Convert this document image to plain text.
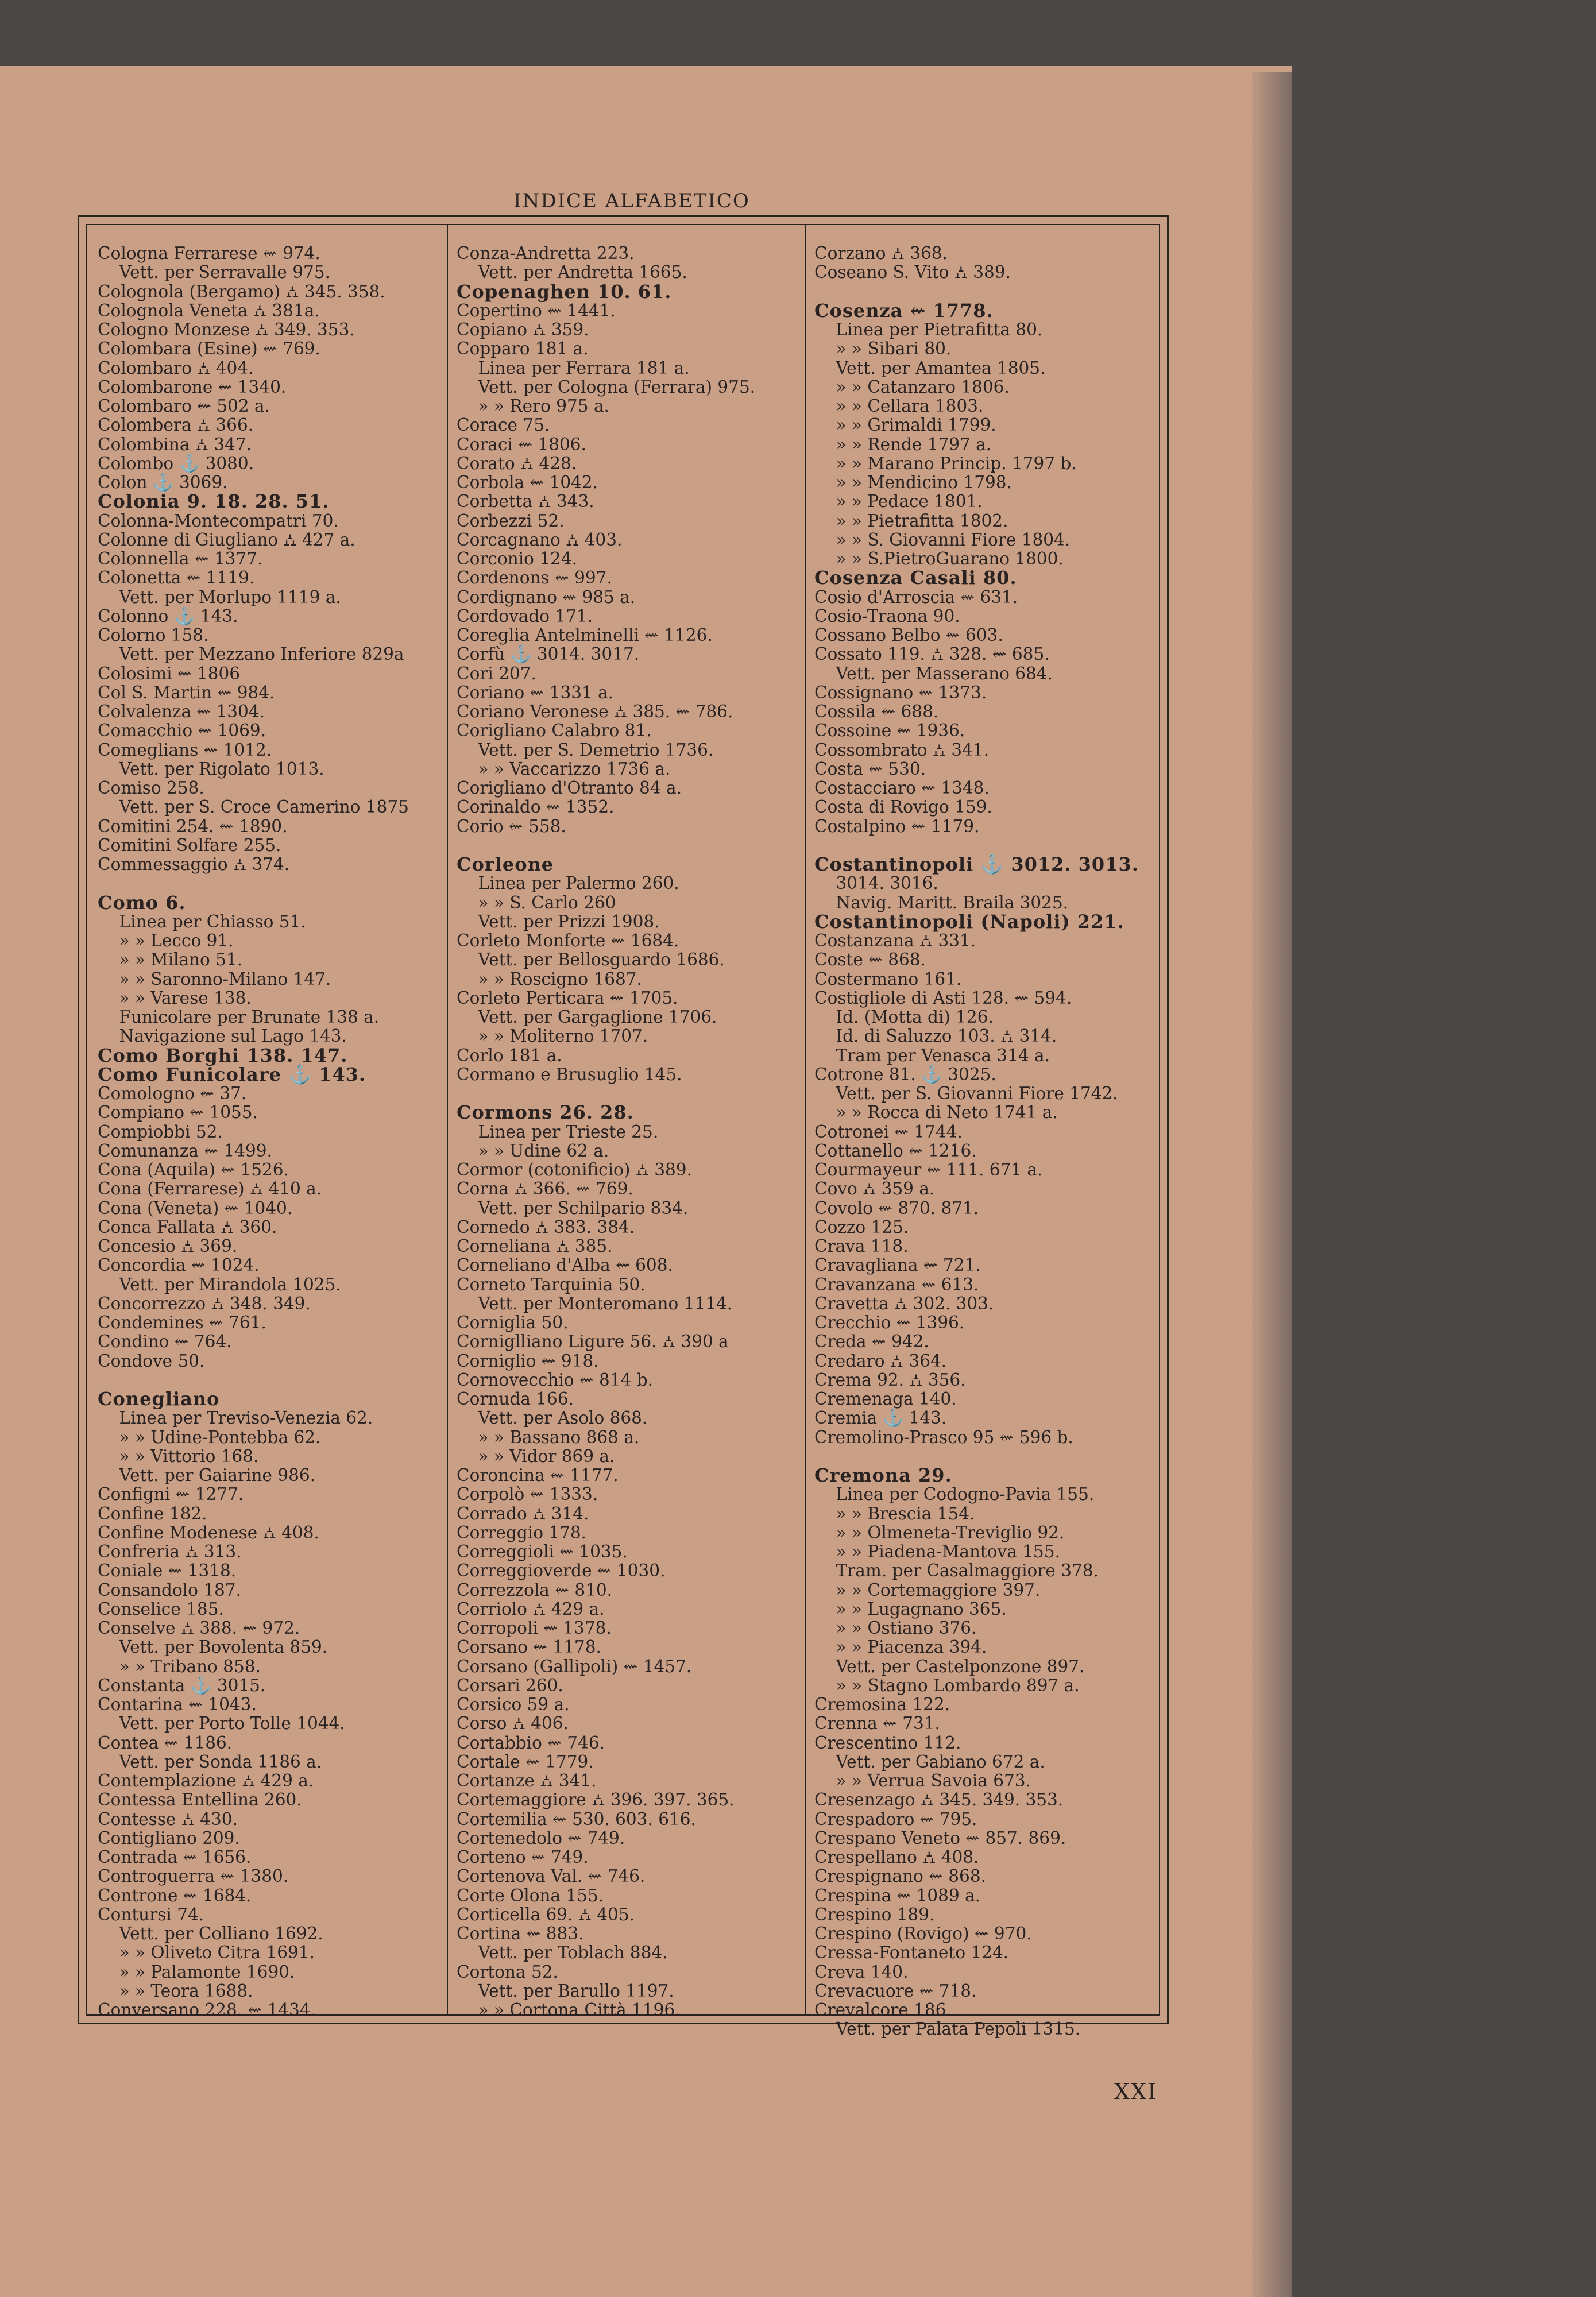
INDICE ALFABETICO
Cologna Ferrarese ⇜ 974.
Vett. per Serravalle 975.
Colognola (Bergamo) ⛼ 345. 358.
Colognola Veneta ⛼ 381a.
Cologno Monzese ⛼ 349. 353.
Colombara (Esine) ⇜ 769.
Colombaro ⛼ 404.
Colombarone ⇜ 1340.
Colombaro ⇜ 502 a.
Colombera ⛼ 366.
Colombina ⛼ 347.
Colombo ⚓ 3080.
Colon ⚓ 3069.
Colonia 9. 18. 28. 51.
Colonna-Montecompatri 70.
Colonne di Giugliano ⛼ 427 a.
Colonnella ⇜ 1377.
Colonetta ⇜ 1119.
Vett. per Morlupo 1119 a.
Colonno ⚓ 143.
Colorno 158.
Vett. per Mezzano Inferiore 829a
Colosimi ⇜ 1806
Col S. Martin ⇜ 984.
Colvalenza ⇜ 1304.
Comacchio ⇜ 1069.
Comeglians ⇜ 1012.
Vett. per Rigolato 1013.
Comiso 258.
Vett. per S. Croce Camerino 1875
Comitini 254. ⇜ 1890.
Comitini Solfare 255.
Commessaggio ⛼ 374.

Como 6.
Linea per Chiasso 51.
» » Lecco 91.
» » Milano 51.
» » Saronno-Milano 147.
» » Varese 138.
Funicolare per Brunate 138 a.
Navigazione sul Lago 143.
Como Borghi 138. 147.
Como Funicolare ⚓ 143.
Comologno ⇜ 37.
Compiano ⇜ 1055.
Compiobbi 52.
Comunanza ⇜ 1499.
Cona (Aquila) ⇜ 1526.
Cona (Ferrarese) ⛼ 410 a.
Cona (Veneta) ⇜ 1040.
Conca Fallata ⛼ 360.
Concesio ⛼ 369.
Concordia ⇜ 1024.
Vett. per Mirandola 1025.
Concorrezzo ⛼ 348. 349.
Condemines ⇜ 761.
Condino ⇜ 764.
Condove 50.

Conegliano
Linea per Treviso-Venezia 62.
» » Udine-Pontebba 62.
» » Vittorio 168.
Vett. per Gaiarine 986.
Configni ⇜ 1277.
Confine 182.
Confine Modenese ⛼ 408.
Confreria ⛼ 313.
Coniale ⇜ 1318.
Consandolo 187.
Conselice 185.
Conselve ⛼ 388. ⇜ 972.
Vett. per Bovolenta 859.
» » Tribano 858.
Constanta ⚓ 3015.
Contarina ⇜ 1043.
Vett. per Porto Tolle 1044.
Contea ⇜ 1186.
Vett. per Sonda 1186 a.
Contemplazione ⛼ 429 a.
Contessa Entellina 260.
Contesse ⛼ 430.
Contigliano 209.
Contrada ⇜ 1656.
Controguerra ⇜ 1380.
Controne ⇜ 1684.
Contursi 74.
Vett. per Colliano 1692.
» » Oliveto Citra 1691.
» » Palamonte 1690.
» » Teora 1688.
Conversano 228. ⇜ 1434.
Conza-Andretta 223.
Vett. per Andretta 1665.
Copenaghen 10. 61.
Copertino ⇜ 1441.
Copiano ⛼ 359.
Copparo 181 a.
Linea per Ferrara 181 a.
Vett. per Cologna (Ferrara) 975.
» » Rero 975 a.
Corace 75.
Coraci ⇜ 1806.
Corato ⛼ 428.
Corbola ⇜ 1042.
Corbetta ⛼ 343.
Corbezzi 52.
Corcagnano ⛼ 403.
Corconio 124.
Cordenons ⇜ 997.
Cordignano ⇜ 985 a.
Cordovado 171.
Coreglia Antelminelli ⇜ 1126.
Corfù ⚓ 3014. 3017.
Cori 207.
Coriano ⇜ 1331 a.
Coriano Veronese ⛼ 385. ⇜ 786.
Corigliano Calabro 81.
Vett. per S. Demetrio 1736.
» » Vaccarizzo 1736 a.
Corigliano d'Otranto 84 a.
Corinaldo ⇜ 1352.
Corio ⇜ 558.

Corleone
Linea per Palermo 260.
» » S. Carlo 260
Vett. per Prizzi 1908.
Corleto Monforte ⇜ 1684.
Vett. per Bellosguardo 1686.
» » Roscigno 1687.
Corleto Perticara ⇜ 1705.
Vett. per Gargaglione 1706.
» » Moliterno 1707.
Corlo 181 a.
Cormano e Brusuglio 145.

Cormons 26. 28.
Linea per Trieste 25.
» » Udine 62 a.
Cormor (cotonificio) ⛼ 389.
Corna ⛼ 366. ⇜ 769.
Vett. per Schilpario 834.
Cornedo ⛼ 383. 384.
Corneliana ⛼ 385.
Corneliano d'Alba ⇜ 608.
Corneto Tarquinia 50.
Vett. per Monteromano 1114.
Corniglia 50.
Corniglliano Ligure 56. ⛼ 390 a
Corniglio ⇜ 918.
Cornovecchio ⇜ 814 b.
Cornuda 166.
Vett. per Asolo 868.
» » Bassano 868 a.
» » Vidor 869 a.
Coroncina ⇜ 1177.
Corpolò ⇜ 1333.
Corrado ⛼ 314.
Correggio 178.
Correggioli ⇜ 1035.
Correggioverde ⇜ 1030.
Correzzola ⇜ 810.
Corriolo ⛼ 429 a.
Corropoli ⇜ 1378.
Corsano ⇜ 1178.
Corsano (Gallipoli) ⇜ 1457.
Corsari 260.
Corsico 59 a.
Corso ⛼ 406.
Cortabbio ⇜ 746.
Cortale ⇜ 1779.
Cortanze ⛼ 341.
Cortemaggiore ⛼ 396. 397. 365.
Cortemilia ⇜ 530. 603. 616.
Cortenedolo ⇜ 749.
Corteno ⇜ 749.
Cortenova Val. ⇜ 746.
Corte Olona 155.
Corticella 69. ⛼ 405.
Cortina ⇜ 883.
Vett. per Toblach 884.
Cortona 52.
Vett. per Barullo 1197.
» » Cortona Città 1196.
Corzano ⛼ 368.
Coseano S. Vito ⛼ 389.

Cosenza ⇜ 1778.
Linea per Pietrafitta 80.
» » Sibari 80.
Vett. per Amantea 1805.
» » Catanzaro 1806.
» » Cellara 1803.
» » Grimaldi 1799.
» » Rende 1797 a.
» » Marano Princip. 1797 b.
» » Mendicino 1798.
» » Pedace 1801.
» » Pietrafitta 1802.
» » S. Giovanni Fiore 1804.
» » S.PietroGuarano 1800.
Cosenza Casali 80.
Cosio d'Arroscia ⇜ 631.
Cosio-Traona 90.
Cossano Belbo ⇜ 603.
Cossato 119. ⛼ 328. ⇜ 685.
Vett. per Masserano 684.
Cossignano ⇜ 1373.
Cossila ⇜ 688.
Cossoine ⇜ 1936.
Cossombrato ⛼ 341.
Costa ⇜ 530.
Costacciaro ⇜ 1348.
Costa di Rovigo 159.
Costalpino ⇜ 1179.

Costantinopoli ⚓ 3012. 3013.
3014. 3016.
Navig. Maritt. Braila 3025.
Costantinopoli (Napoli) 221.
Costanzana ⛼ 331.
Coste ⇜ 868.
Costermano 161.
Costigliole di Asti 128. ⇜ 594.
Id. (Motta di) 126.
Id. di Saluzzo 103. ⛼ 314.
Tram per Venasca 314 a.
Cotrone 81. ⚓ 3025.
Vett. per S. Giovanni Fiore 1742.
» » Rocca di Neto 1741 a.
Cotronei ⇜ 1744.
Cottanello ⇜ 1216.
Courmayeur ⇜ 111. 671 a.
Covo ⛼ 359 a.
Covolo ⇜ 870. 871.
Cozzo 125.
Crava 118.
Cravagliana ⇜ 721.
Cravanzana ⇜ 613.
Cravetta ⛼ 302. 303.
Crecchio ⇜ 1396.
Creda ⇜ 942.
Credaro ⛼ 364.
Crema 92. ⛼ 356.
Cremenaga 140.
Cremia ⚓ 143.
Cremolino-Prasco 95 ⇜ 596 b.

Cremona 29.
Linea per Codogno-Pavia 155.
» » Brescia 154.
» » Olmeneta-Treviglio 92.
» » Piadena-Mantova 155.
Tram. per Casalmaggiore 378.
» » Cortemaggiore 397.
» » Lugagnano 365.
» » Ostiano 376.
» » Piacenza 394.
Vett. per Castelponzone 897.
» » Stagno Lombardo 897 a.
Cremosina 122.
Crenna ⇜ 731.
Crescentino 112.
Vett. per Gabiano 672 a.
» » Verrua Savoia 673.
Cresenzago ⛼ 345. 349. 353.
Crespadoro ⇜ 795.
Crespano Veneto ⇜ 857. 869.
Crespellano ⛼ 408.
Crespignano ⇜ 868.
Crespina ⇜ 1089 a.
Crespino 189.
Crespino (Rovigo) ⇜ 970.
Cressa-Fontaneto 124.
Creva 140.
Crevacuore ⇜ 718.
Crevalcore 186.
Vett. per Palata Pepoli 1315.
XXI
